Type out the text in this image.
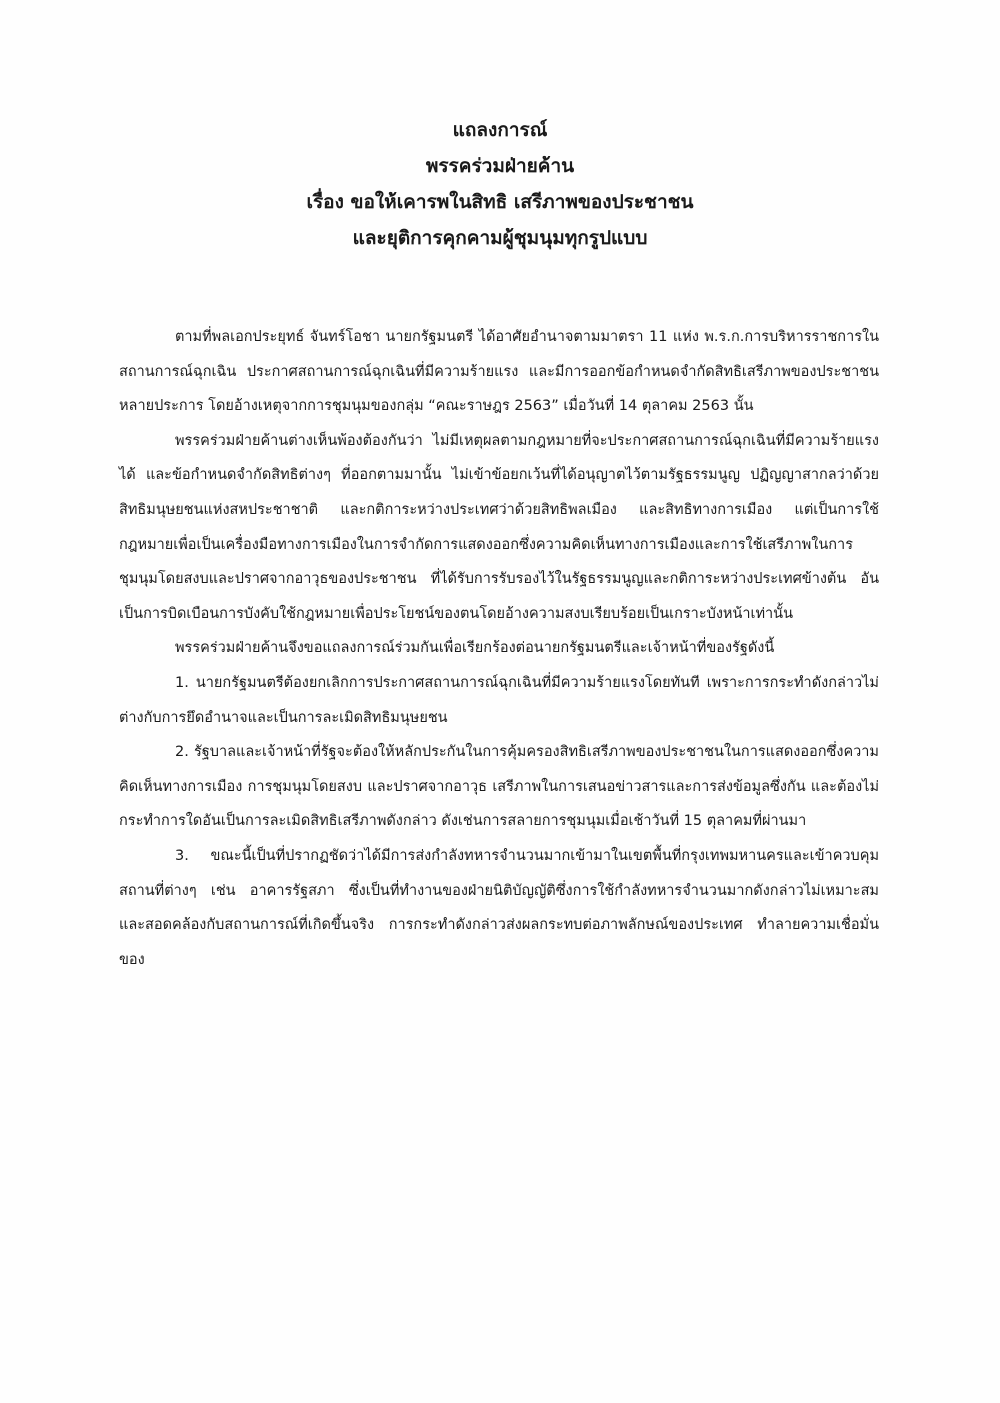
แถลงการณ์
พรรคร่วมฝ่ายค้าน
เรื่อง ขอให้เคารพในสิทธิ เสรีภาพของประชาชน
และยุติการคุกคามผู้ชุมนุมทุกรูปแบบ

ตามที่พลเอกประยุทธ์ จันทร์โอชา นายกรัฐมนตรี ได้อาศัยอำนาจตามมาตรา 11 แห่ง พ.ร.ก.การบริหารราชการในสถานการณ์ฉุกเฉิน ประกาศสถานการณ์ฉุกเฉินที่มีความร้ายแรง และมีการออกข้อกำหนดจำกัดสิทธิเสรีภาพของประชาชนหลายประการ โดยอ้างเหตุจากการชุมนุมของกลุ่ม “คณะราษฎร 2563” เมื่อวันที่ 14 ตุลาคม 2563 นั้น

พรรคร่วมฝ่ายค้านต่างเห็นพ้องต้องกันว่า ไม่มีเหตุผลตามกฎหมายที่จะประกาศสถานการณ์ฉุกเฉินที่มีความร้ายแรงได้ และข้อกำหนดจำกัดสิทธิต่างๆ ที่ออกตามมานั้น ไม่เข้าข้อยกเว้นที่ได้อนุญาตไว้ตามรัฐธรรมนูญ ปฏิญญาสากลว่าด้วยสิทธิมนุษยชนแห่งสหประชาชาติ และกติการะหว่างประเทศว่าด้วยสิทธิพลเมือง และสิทธิทางการเมือง แต่เป็นการใช้กฎหมายเพื่อเป็นเครื่องมือทางการเมืองในการจำกัดการแสดงออกซึ่งความคิดเห็นทางการเมืองและการใช้เสรีภาพในการชุมนุมโดยสงบและปราศจากอาวุธของประชาชน ที่ได้รับการรับรองไว้ในรัฐธรรมนูญและกติการะหว่างประเทศข้างต้น อันเป็นการบิดเบือนการบังคับใช้กฎหมายเพื่อประโยชน์ของตนโดยอ้างความสงบเรียบร้อยเป็นเกราะบังหน้าเท่านั้น

พรรคร่วมฝ่ายค้านจึงขอแถลงการณ์ร่วมกันเพื่อเรียกร้องต่อนายกรัฐมนตรีและเจ้าหน้าที่ของรัฐดังนี้

1. นายกรัฐมนตรีต้องยกเลิกการประกาศสถานการณ์ฉุกเฉินที่มีความร้ายแรงโดยทันที เพราะการกระทำดังกล่าวไม่ต่างกับการยึดอำนาจและเป็นการละเมิดสิทธิมนุษยชน

2. รัฐบาลและเจ้าหน้าที่รัฐจะต้องให้หลักประกันในการคุ้มครองสิทธิเสรีภาพของประชาชนในการแสดงออกซึ่งความคิดเห็นทางการเมือง การชุมนุมโดยสงบ และปราศจากอาวุธ เสรีภาพในการเสนอข่าวสารและการส่งข้อมูลซึ่งกัน และต้องไม่กระทำการใดอันเป็นการละเมิดสิทธิเสรีภาพดังกล่าว ดังเช่นการสลายการชุมนุมเมื่อเช้าวันที่ 15 ตุลาคมที่ผ่านมา

3. ขณะนี้เป็นที่ปรากฏชัดว่าได้มีการส่งกำลังทหารจำนวนมากเข้ามาในเขตพื้นที่กรุงเทพมหานครและเข้าควบคุมสถานที่ต่างๆ เช่น อาคารรัฐสภา ซึ่งเป็นที่ทำงานของฝ่ายนิติบัญญัติซึ่งการใช้กำลังทหารจำนวนมากดังกล่าวไม่เหมาะสม และสอดคล้องกับสถานการณ์ที่เกิดขึ้นจริง การกระทำดังกล่าวส่งผลกระทบต่อภาพลักษณ์ของประเทศ ทำลายความเชื่อมั่นของ
